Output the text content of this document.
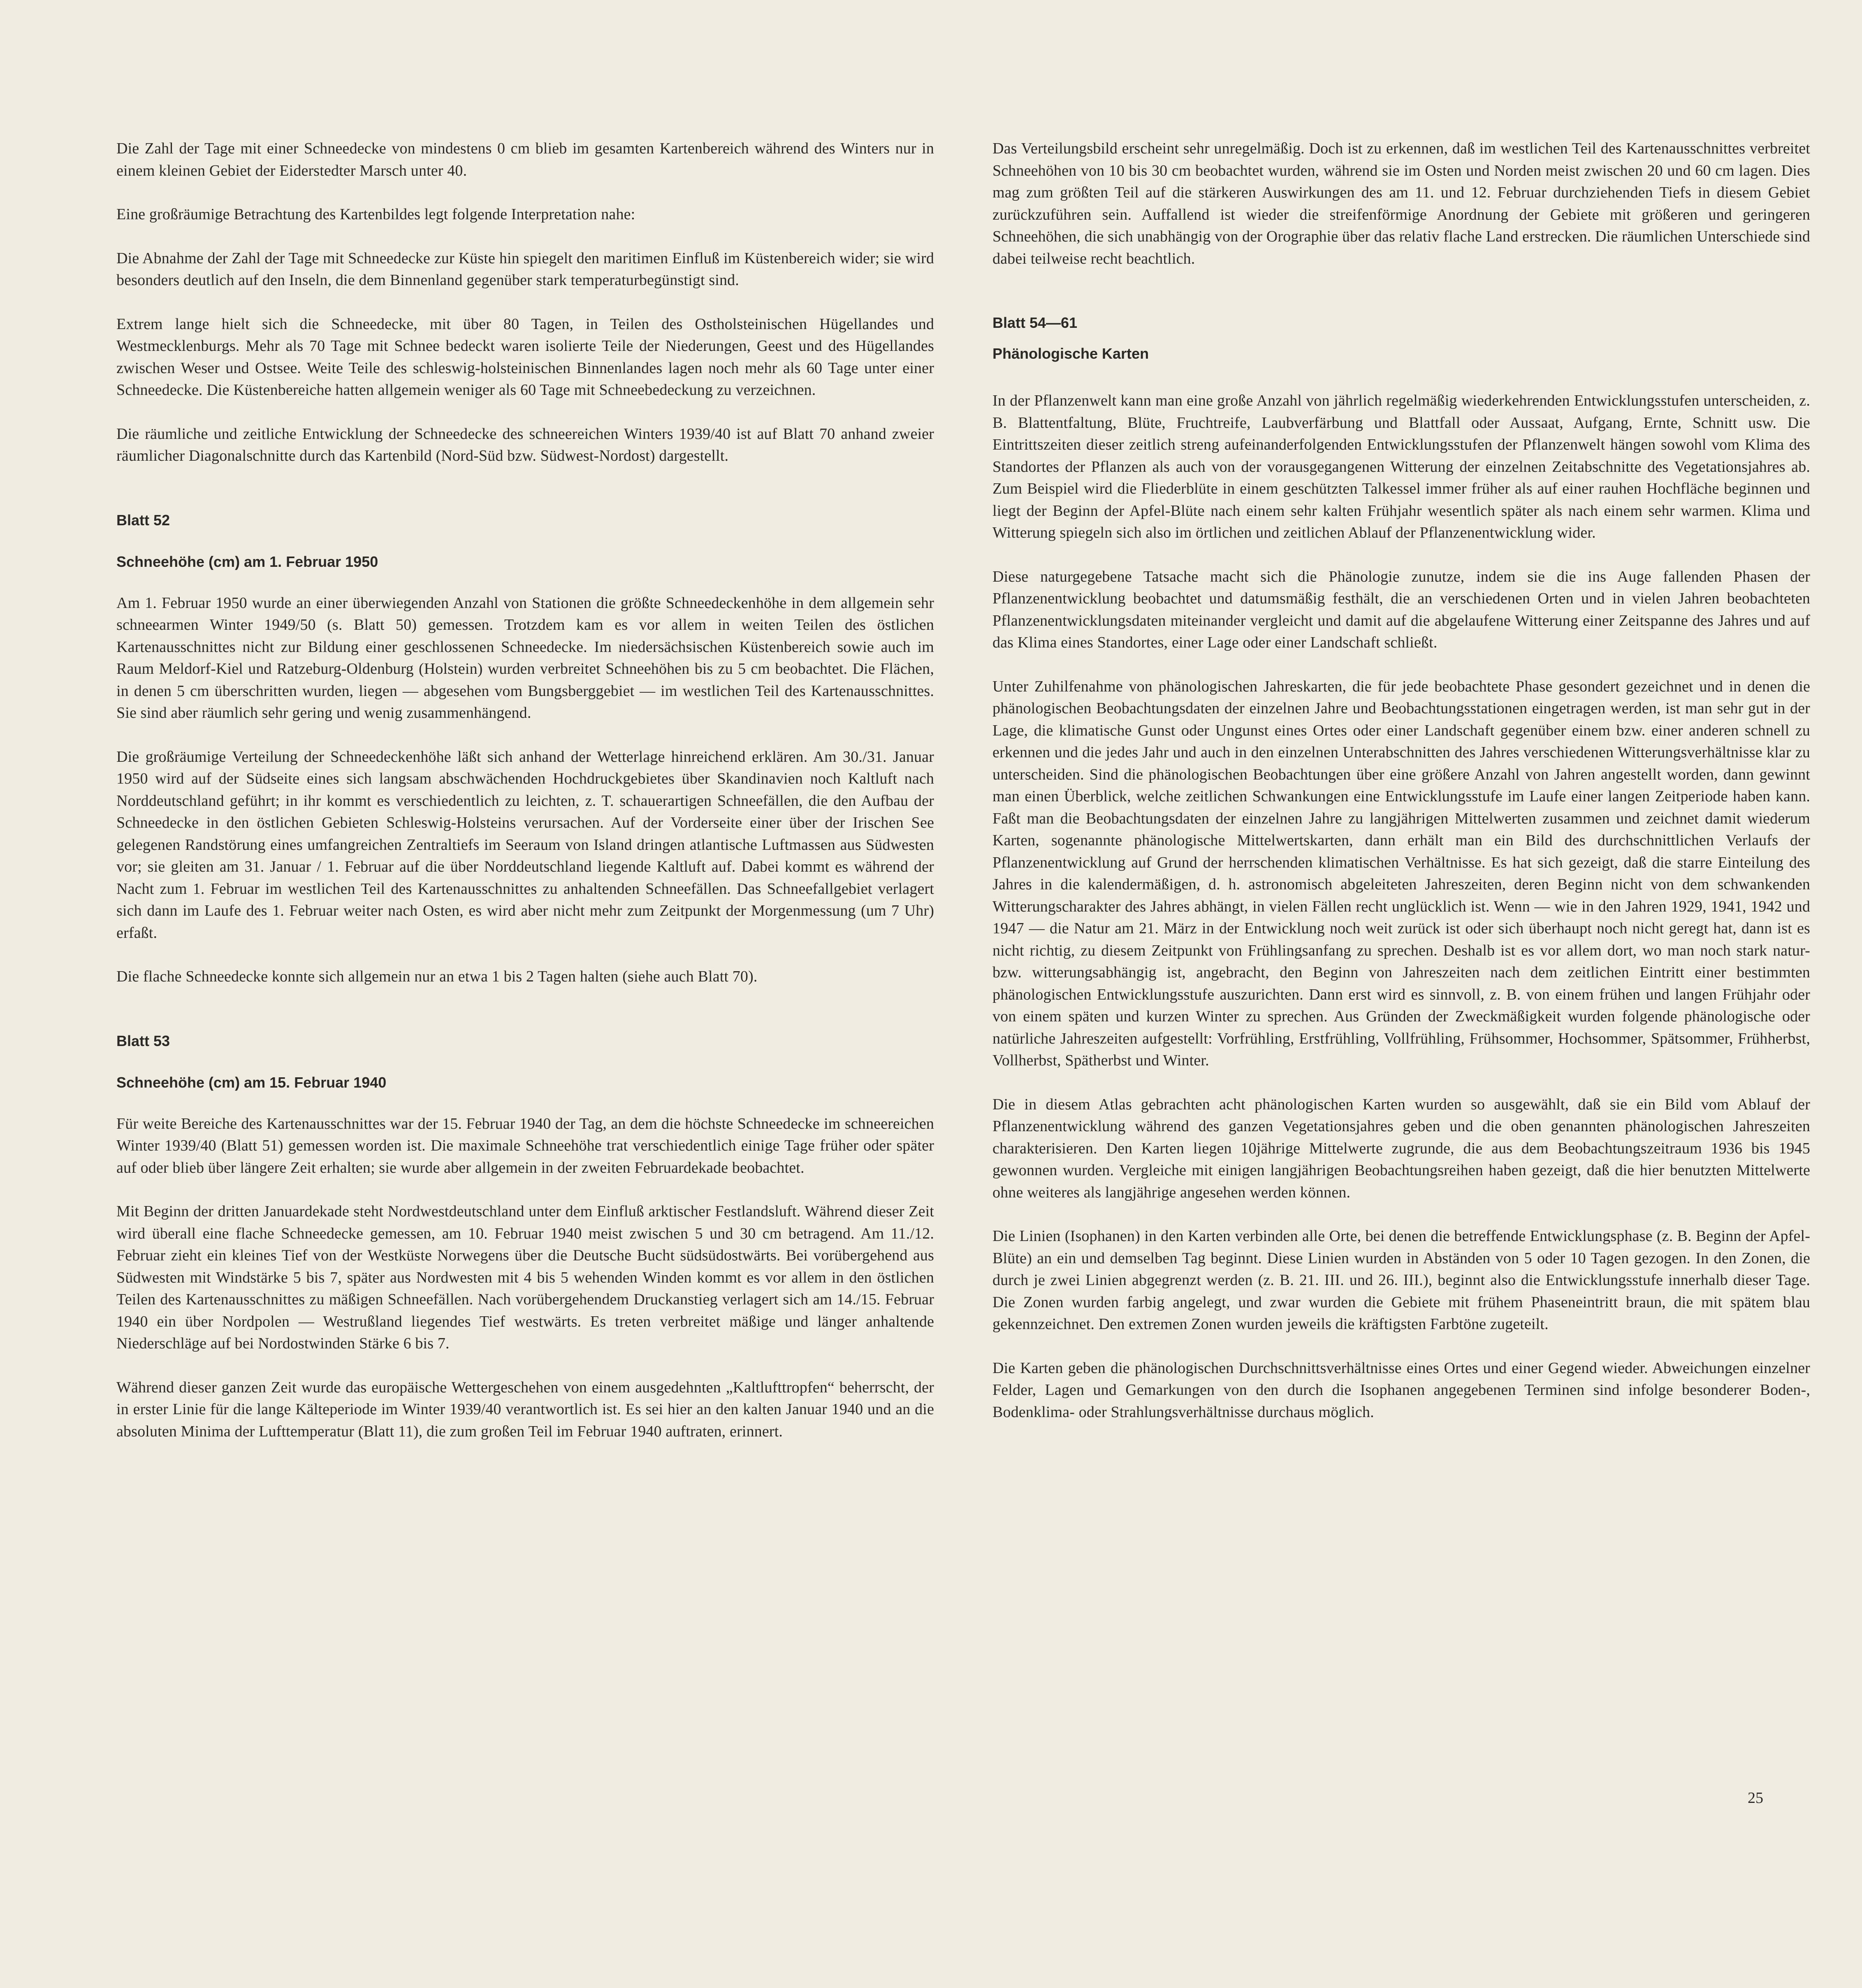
Die Zahl der Tage mit einer Schneedecke von mindestens 0 cm blieb im gesamten Kartenbereich während des Winters nur in einem kleinen Gebiet der Eiderstedter Marsch unter 40.

Eine großräumige Betrachtung des Kartenbildes legt folgende Interpretation nahe:

Die Abnahme der Zahl der Tage mit Schneedecke zur Küste hin spiegelt den maritimen Einfluß im Küstenbereich wider; sie wird besonders deutlich auf den Inseln, die dem Binnenland gegenüber stark temperaturbegünstigt sind.

Extrem lange hielt sich die Schneedecke, mit über 80 Tagen, in Teilen des Ostholsteinischen Hügellandes und Westmecklenburgs. Mehr als 70 Tage mit Schnee bedeckt waren isolierte Teile der Niederungen, Geest und des Hügellandes zwischen Weser und Ostsee. Weite Teile des schleswig-holsteinischen Binnenlandes lagen noch mehr als 60 Tage unter einer Schneedecke. Die Küstenbereiche hatten allgemein weniger als 60 Tage mit Schneebedeckung zu verzeichnen.

Die räumliche und zeitliche Entwicklung der Schneedecke des schneereichen Winters 1939/40 ist auf Blatt 70 anhand zweier räumlicher Diagonalschnitte durch das Kartenbild (Nord-Süd bzw. Südwest-Nordost) dargestellt.

Blatt 52
Schneehöhe (cm) am 1. Februar 1950

Am 1. Februar 1950 wurde an einer überwiegenden Anzahl von Stationen die größte Schneedeckenhöhe in dem allgemein sehr schneearmen Winter 1949/50 (s. Blatt 50) gemessen. Trotzdem kam es vor allem in weiten Teilen des östlichen Kartenausschnittes nicht zur Bildung einer geschlossenen Schneedecke. Im niedersächsischen Küstenbereich sowie auch im Raum Meldorf-Kiel und Ratzeburg-Oldenburg (Holstein) wurden verbreitet Schneehöhen bis zu 5 cm beobachtet. Die Flächen, in denen 5 cm überschritten wurden, liegen — abgesehen vom Bungsberggebiet — im westlichen Teil des Kartenausschnittes. Sie sind aber räumlich sehr gering und wenig zusammenhängend.

Die großräumige Verteilung der Schneedeckenhöhe läßt sich anhand der Wetterlage hinreichend erklären. Am 30./31. Januar 1950 wird auf der Südseite eines sich langsam abschwächenden Hochdruckgebietes über Skandinavien noch Kaltluft nach Norddeutschland geführt; in ihr kommt es verschiedentlich zu leichten, z. T. schauerartigen Schneefällen, die den Aufbau der Schneedecke in den östlichen Gebieten Schleswig-Holsteins verursachen. Auf der Vorderseite einer über der Irischen See gelegenen Randstörung eines umfangreichen Zentraltiefs im Seeraum von Island dringen atlantische Luftmassen aus Südwesten vor; sie gleiten am 31. Januar / 1. Februar auf die über Norddeutschland liegende Kaltluft auf. Dabei kommt es während der Nacht zum 1. Februar im westlichen Teil des Kartenausschnittes zu anhaltenden Schneefällen. Das Schneefallgebiet verlagert sich dann im Laufe des 1. Februar weiter nach Osten, es wird aber nicht mehr zum Zeitpunkt der Morgenmessung (um 7 Uhr) erfaßt.

Die flache Schneedecke konnte sich allgemein nur an etwa 1 bis 2 Tagen halten (siehe auch Blatt 70).

Blatt 53
Schneehöhe (cm) am 15. Februar 1940

Für weite Bereiche des Kartenausschnittes war der 15. Februar 1940 der Tag, an dem die höchste Schneedecke im schneereichen Winter 1939/40 (Blatt 51) gemessen worden ist. Die maximale Schneehöhe trat verschiedentlich einige Tage früher oder später auf oder blieb über längere Zeit erhalten; sie wurde aber allgemein in der zweiten Februardekade beobachtet.

Mit Beginn der dritten Januardekade steht Nordwestdeutschland unter dem Einfluß arktischer Festlandsluft. Während dieser Zeit wird überall eine flache Schneedecke gemessen, am 10. Februar 1940 meist zwischen 5 und 30 cm betragend. Am 11./12. Februar zieht ein kleines Tief von der Westküste Norwegens über die Deutsche Bucht südsüdostwärts. Bei vorübergehend aus Südwesten mit Windstärke 5 bis 7, später aus Nordwesten mit 4 bis 5 wehenden Winden kommt es vor allem in den östlichen Teilen des Kartenausschnittes zu mäßigen Schneefällen. Nach vorübergehendem Druckanstieg verlagert sich am 14./15. Februar 1940 ein über Nordpolen — Westrußland liegendes Tief westwärts. Es treten verbreitet mäßige und länger anhaltende Niederschläge auf bei Nordostwinden Stärke 6 bis 7.

Während dieser ganzen Zeit wurde das europäische Wettergeschehen von einem ausgedehnten „Kaltlufttropfen“ beherrscht, der in erster Linie für die lange Kälteperiode im Winter 1939/40 verantwortlich ist. Es sei hier an den kalten Januar 1940 und an die absoluten Minima der Lufttemperatur (Blatt 11), die zum großen Teil im Februar 1940 auftraten, erinnert.

Das Verteilungsbild erscheint sehr unregelmäßig. Doch ist zu erkennen, daß im westlichen Teil des Kartenausschnittes verbreitet Schneehöhen von 10 bis 30 cm beobachtet wurden, während sie im Osten und Norden meist zwischen 20 und 60 cm lagen. Dies mag zum größten Teil auf die stärkeren Auswirkungen des am 11. und 12. Februar durchziehenden Tiefs in diesem Gebiet zurückzuführen sein. Auffallend ist wieder die streifenförmige Anordnung der Gebiete mit größeren und geringeren Schneehöhen, die sich unabhängig von der Orographie über das relativ flache Land erstrecken. Die räumlichen Unterschiede sind dabei teilweise recht beachtlich.

Blatt 54—61
Phänologische Karten

In der Pflanzenwelt kann man eine große Anzahl von jährlich regelmäßig wiederkehrenden Entwicklungsstufen unterscheiden, z. B. Blattentfaltung, Blüte, Fruchtreife, Laubverfärbung und Blattfall oder Aussaat, Aufgang, Ernte, Schnitt usw. Die Eintrittszeiten dieser zeitlich streng aufeinanderfolgenden Entwicklungsstufen der Pflanzenwelt hängen sowohl vom Klima des Standortes der Pflanzen als auch von der vorausgegangenen Witterung der einzelnen Zeitabschnitte des Vegetationsjahres ab. Zum Beispiel wird die Fliederblüte in einem geschützten Talkessel immer früher als auf einer rauhen Hochfläche beginnen und liegt der Beginn der Apfel-Blüte nach einem sehr kalten Frühjahr wesentlich später als nach einem sehr warmen. Klima und Witterung spiegeln sich also im örtlichen und zeitlichen Ablauf der Pflanzenentwicklung wider.

Diese naturgegebene Tatsache macht sich die Phänologie zunutze, indem sie die ins Auge fallenden Phasen der Pflanzenentwicklung beobachtet und datumsmäßig festhält, die an verschiedenen Orten und in vielen Jahren beobachteten Pflanzenentwicklungsdaten miteinander vergleicht und damit auf die abgelaufene Witterung einer Zeitspanne des Jahres und auf das Klima eines Standortes, einer Lage oder einer Landschaft schließt.

Unter Zuhilfenahme von phänologischen Jahreskarten, die für jede beobachtete Phase gesondert gezeichnet und in denen die phänologischen Beobachtungsdaten der einzelnen Jahre und Beobachtungsstationen eingetragen werden, ist man sehr gut in der Lage, die klimatische Gunst oder Ungunst eines Ortes oder einer Landschaft gegenüber einem bzw. einer anderen schnell zu erkennen und die jedes Jahr und auch in den einzelnen Unterabschnitten des Jahres verschiedenen Witterungsverhältnisse klar zu unterscheiden. Sind die phänologischen Beobachtungen über eine größere Anzahl von Jahren angestellt worden, dann gewinnt man einen Überblick, welche zeitlichen Schwankungen eine Entwicklungsstufe im Laufe einer langen Zeitperiode haben kann. Faßt man die Beobachtungsdaten der einzelnen Jahre zu langjährigen Mittelwerten zusammen und zeichnet damit wiederum Karten, sogenannte phänologische Mittelwertskarten, dann erhält man ein Bild des durchschnittlichen Verlaufs der Pflanzenentwicklung auf Grund der herrschenden klimatischen Verhältnisse. Es hat sich gezeigt, daß die starre Einteilung des Jahres in die kalendermäßigen, d. h. astronomisch abgeleiteten Jahreszeiten, deren Beginn nicht von dem schwankenden Witterungscharakter des Jahres abhängt, in vielen Fällen recht unglücklich ist. Wenn — wie in den Jahren 1929, 1941, 1942 und 1947 — die Natur am 21. März in der Entwicklung noch weit zurück ist oder sich überhaupt noch nicht geregt hat, dann ist es nicht richtig, zu diesem Zeitpunkt von Frühlingsanfang zu sprechen. Deshalb ist es vor allem dort, wo man noch stark natur- bzw. witterungsabhängig ist, angebracht, den Beginn von Jahreszeiten nach dem zeitlichen Eintritt einer bestimmten phänologischen Entwicklungsstufe auszurichten. Dann erst wird es sinnvoll, z. B. von einem frühen und langen Frühjahr oder von einem späten und kurzen Winter zu sprechen. Aus Gründen der Zweckmäßigkeit wurden folgende phänologische oder natürliche Jahreszeiten aufgestellt: Vorfrühling, Erstfrühling, Vollfrühling, Frühsommer, Hochsommer, Spätsommer, Frühherbst, Vollherbst, Spätherbst und Winter.

Die in diesem Atlas gebrachten acht phänologischen Karten wurden so ausgewählt, daß sie ein Bild vom Ablauf der Pflanzenentwicklung während des ganzen Vegetationsjahres geben und die oben genannten phänologischen Jahreszeiten charakterisieren. Den Karten liegen 10jährige Mittelwerte zugrunde, die aus dem Beobachtungszeitraum 1936 bis 1945 gewonnen wurden. Vergleiche mit einigen langjährigen Beobachtungsreihen haben gezeigt, daß die hier benutzten Mittelwerte ohne weiteres als langjährige angesehen werden können.

Die Linien (Isophanen) in den Karten verbinden alle Orte, bei denen die betreffende Entwicklungsphase (z. B. Beginn der Apfel-Blüte) an ein und demselben Tag beginnt. Diese Linien wurden in Abständen von 5 oder 10 Tagen gezogen. In den Zonen, die durch je zwei Linien abgegrenzt werden (z. B. 21. III. und 26. III.), beginnt also die Entwicklungsstufe innerhalb dieser Tage. Die Zonen wurden farbig angelegt, und zwar wurden die Gebiete mit frühem Phaseneintritt braun, die mit spätem blau gekennzeichnet. Den extremen Zonen wurden jeweils die kräftigsten Farbtöne zugeteilt.

Die Karten geben die phänologischen Durchschnittsverhältnisse eines Ortes und einer Gegend wieder. Abweichungen einzelner Felder, Lagen und Gemarkungen von den durch die Isophanen angegebenen Terminen sind infolge besonderer Boden-, Bodenklima- oder Strahlungsverhältnisse durchaus möglich.

25
